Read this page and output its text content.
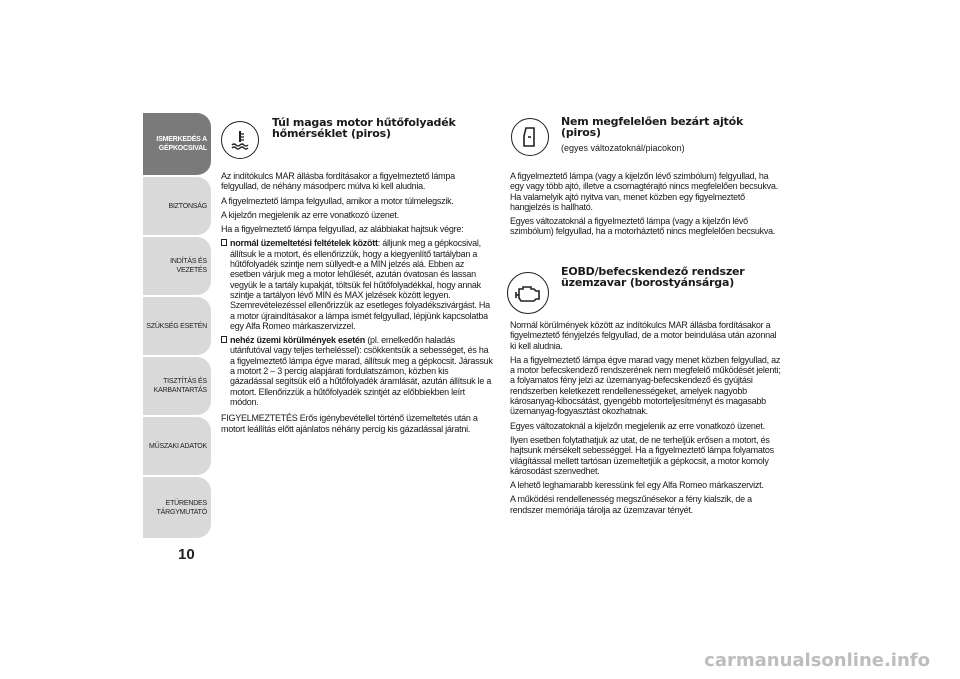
ISMERKEDÉS A GÉPKOCSIVAL
BIZTONSÁG
INDÍTÁS ÉS VEZETÉS
SZÜKSÉG ESETÉN
TISZTÍTÁS ÉS KARBANTARTÁS
MŰSZAKI ADATOK
ETÜRENDES TÁRGYMUTATÓ
10
Túl magas motor hűtőfolyadék hőmérséklet (piros)

Az indítókulcs MAR állásba fordításakor a figyelmeztető lámpa felgyullad, de néhány másodperc múlva ki kell aludnia.

A figyelmeztető lámpa felgyullad, amikor a motor túlmelegszik.

A kijelzőn megjelenik az erre vonatkozó üzenet.

Ha a figyelmeztető lámpa felgyullad, az alábbiakat hajtsuk végre:

normál üzemeltetési feltételek között: álljunk meg a gépkocsival, állítsuk le a motort, és ellenőrizzük, hogy a kiegyenlítő tartályban a hűtőfolyadék szintje nem süllyedt-e a MIN jelzés alá. Ebben az esetben várjuk meg a motor lehűlését, azután óvatosan és lassan vegyük le a tartály kupakját, töltsük fel hűtőfolyadékkal, hogy annak szintje a tartályon lévő MIN és MAX jelzések között legyen. Szemrevételezéssel ellenőrizzük az esetleges folyadékszivárgást. Ha a motor újraindításakor a lámpa ismét felgyullad, lépjünk kapcsolatba egy Alfa Romeo márkaszervizzel.

nehéz üzemi körülmények esetén (pl. emelkedőn haladás utánfutóval vagy teljes terheléssel): csökkentsük a sebességet, és ha a figyelmeztető lámpa égve marad, állítsuk meg a gépkocsit. Járassuk a motort 2 – 3 percig alapjárati fordulatszámon, közben kis gázadással segítsük elő a hűtőfolyadék áramlását, azután állítsuk le a motort. Ellenőrizzük a hűtőfolyadék szintjét az előbbiekben leírt módon.

FIGYELMEZTETÉS Erős igénybevétellel történő üzemeltetés után a motort leállítás előtt ajánlatos néhány percig kis gázadással járatni.

Nem megfelelően bezárt ajtók (piros)
(egyes változatoknál/piacokon)

A figyelmeztető lámpa (vagy a kijelzőn lévő szimbólum) felgyullad, ha egy vagy több ajtó, illetve a csomagtérajtó nincs megfelelően becsukva. Ha valamelyik ajtó nyitva van, menet közben egy figyelmeztető hangjelzés is hallható.

Egyes változatoknál a figyelmeztető lámpa (vagy a kijelzőn lévő szimbólum) felgyullad, ha a motorháztető nincs megfelelően becsukva.

EOBD/befecskendező rendszer üzemzavar (borostyánsárga)

Normál körülmények között az indítókulcs MAR állásba fordításakor a figyelmeztető fényjelzés felgyullad, de a motor beindulása után azonnal ki kell aludnia.

Ha a figyelmeztető lámpa égve marad vagy menet közben felgyullad, az a motor befecskendező rendszerének nem megfelelő működését jelenti; a folyamatos fény jelzi az üzemanyag-befecskendező és gyújtási rendszerben keletkezett rendellenességeket, amelyek nagyobb károsanyag-kibocsátást, gyengébb motorteljesítményt és magasabb üzemanyag-fogyasztást okozhatnak.

Egyes változatoknál a kijelzőn megjelenik az erre vonatkozó üzenet.

Ilyen esetben folytathatjuk az utat, de ne terheljük erősen a motort, és hajtsunk mérsékelt sebességgel. Ha a figyelmeztető lámpa folyamatos világítással mellett tartósan üzemeltetjük a gépkocsit, a motor komoly károsodást szenvedhet.

A lehető leghamarabb keressünk fel egy Alfa Romeo márkaszervizt.

A működési rendellenesség megszűnésekor a fény kialszik, de a rendszer memóriája tárolja az üzemzavar tényét.

carmanualsonline.info
